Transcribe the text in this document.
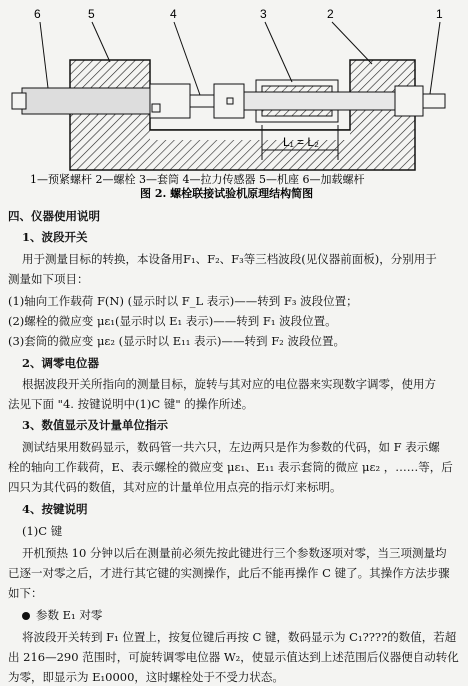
L₁ = L₂
6	5	4	3	2	1
1—预紧螺杆 2—螺栓 3—套筒 4—拉力传感器 5—机座 6—加载螺杆
图 2. 螺栓联接试验机原理结构简图
四、仪器使用说明
1、波段开关
用于测量目标的转换，本设备用F₁、F₂、F₃等三档波段(见仪器前面板)，分别用于
测量如下项目：
(1)轴向工作载荷 F(N) (显示时以 F_L 表示)——转到 F₃ 波段位置；
(2)螺栓的微应变 με₁(显示时以 E₁ 表示)——转到 F₁ 波段位置。
(3)套筒的微应变 με₂ (显示时以 E₁₁ 表示)——转到 F₂ 波段位置。
2、调零电位器
根据波段开关所指向的测量目标，旋转与其对应的电位器来实现数字调零，使用方
法见下面 "4. 按键说明中(1)C 键" 的操作所述。
3、数值显示及计量单位指示
测试结果用数码显示，数码管一共六只，左边两只是作为参数的代码，如 F 表示螺
栓的轴向工作载荷，E、表示螺栓的微应变 με₁、E₁₁ 表示套筒的微应 με₂ ，……等，后
四只为其代码的数值，其对应的计量单位用点亮的指示灯来标明。
4、按键说明
(1)C 键
开机预热 10 分钟以后在测量前必须先按此键进行三个参数逐项对零，当三项测量均
已逐一对零之后，才进行其它键的实测操作，此后不能再操作 C 键了。其操作方法步骤
如下：
参数 E₁ 对零
将波段开关转到 F₁ 位置上，按复位键后再按 C 键，数码显示为 C₁????的数值，若超
出 216—290 范围时，可旋转调零电位器 W₂，使显示值达到上述范围后仪器便自动转化
为零，即显示为 E₁0000，这时螺栓处于不受力状态。
